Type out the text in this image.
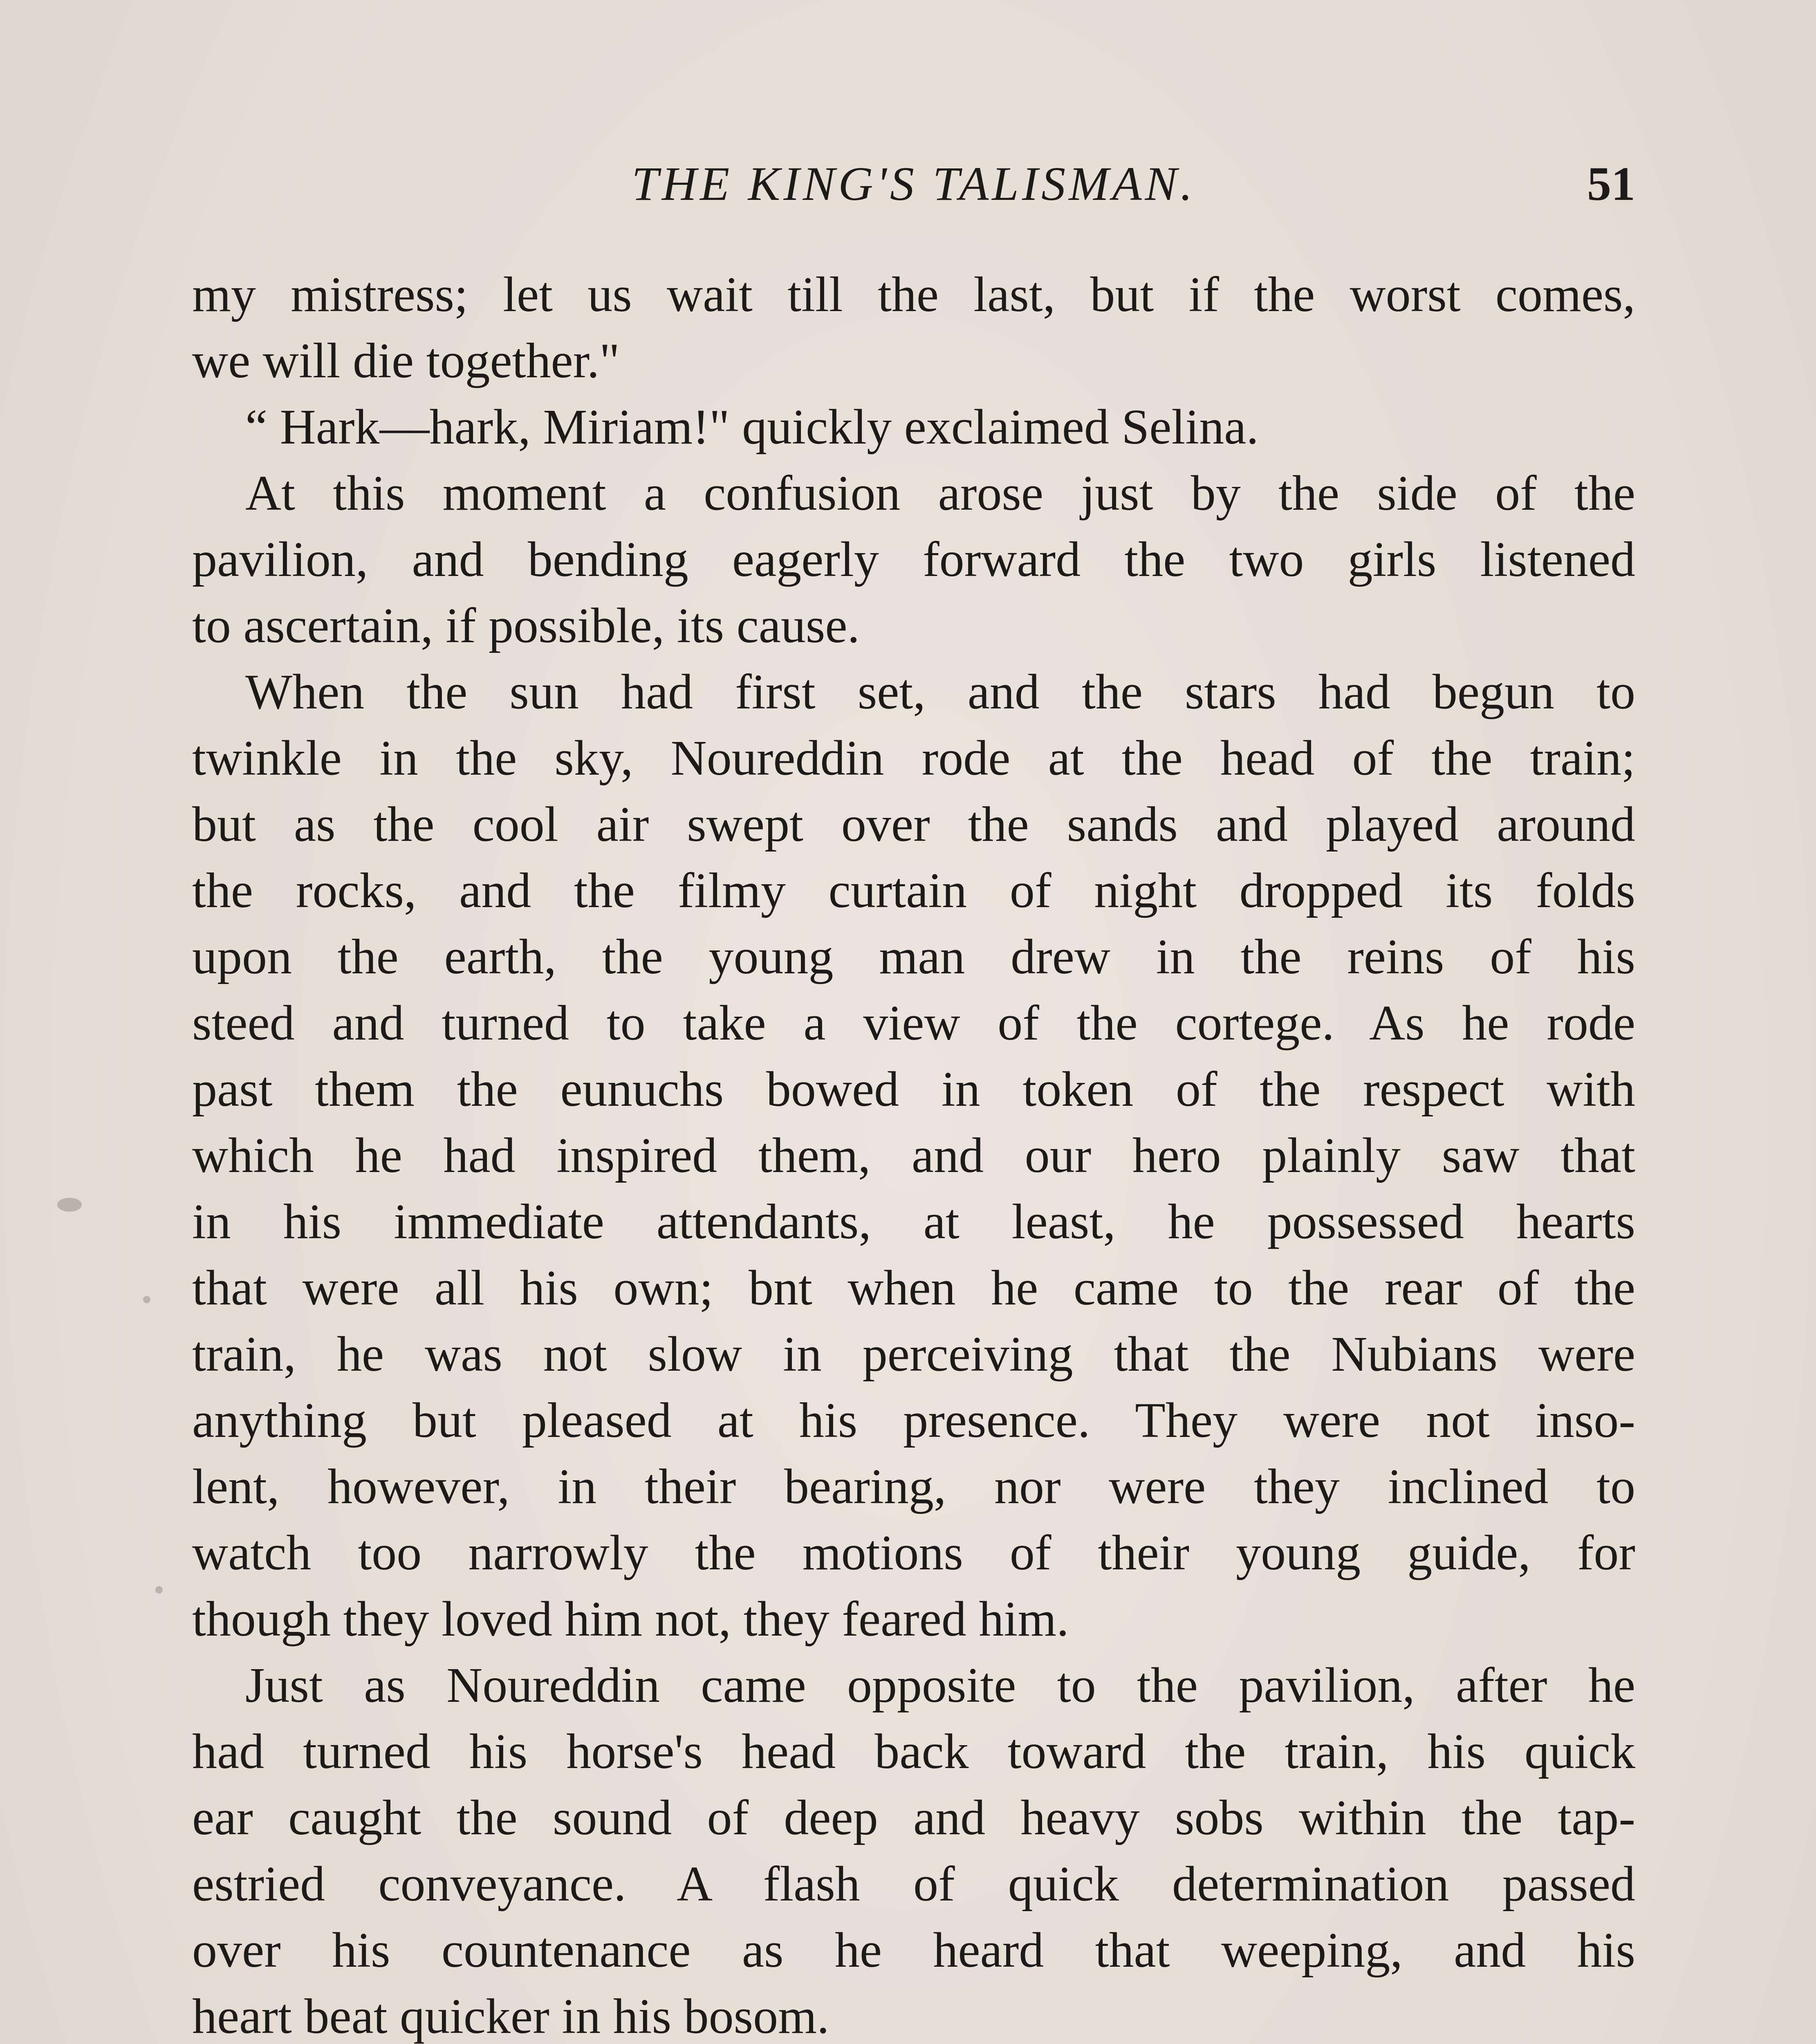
THE KING'S TALISMAN.	51
my mistress; let us wait till the last, but if the worst comes,
we will die together."
“ Hark—hark, Miriam!" quickly exclaimed Selina.
At this moment a confusion arose just by the side of the
pavilion, and bending eagerly forward the two girls listened
to ascertain, if possible, its cause.
When the sun had first set, and the stars had begun to
twinkle in the sky, Noureddin rode at the head of the train;
but as the cool air swept over the sands and played around
the rocks, and the filmy curtain of night dropped its folds
upon the earth, the young man drew in the reins of his
steed and turned to take a view of the cortege. As he rode
past them the eunuchs bowed in token of the respect with
which he had inspired them, and our hero plainly saw that
in his immediate attendants, at least, he possessed hearts
that were all his own; bnt when he came to the rear of the
train, he was not slow in perceiving that the Nubians were
anything but pleased at his presence. They were not inso-
lent, however, in their bearing, nor were they inclined to
watch too narrowly the motions of their young guide, for
though they loved him not, they feared him.
Just as Noureddin came opposite to the pavilion, after he
had turned his horse's head back toward the train, his quick
ear caught the sound of deep and heavy sobs within the tap-
estried conveyance. A flash of quick determination passed
over his countenance as he heard that weeping, and his
heart beat quicker in his bosom.
